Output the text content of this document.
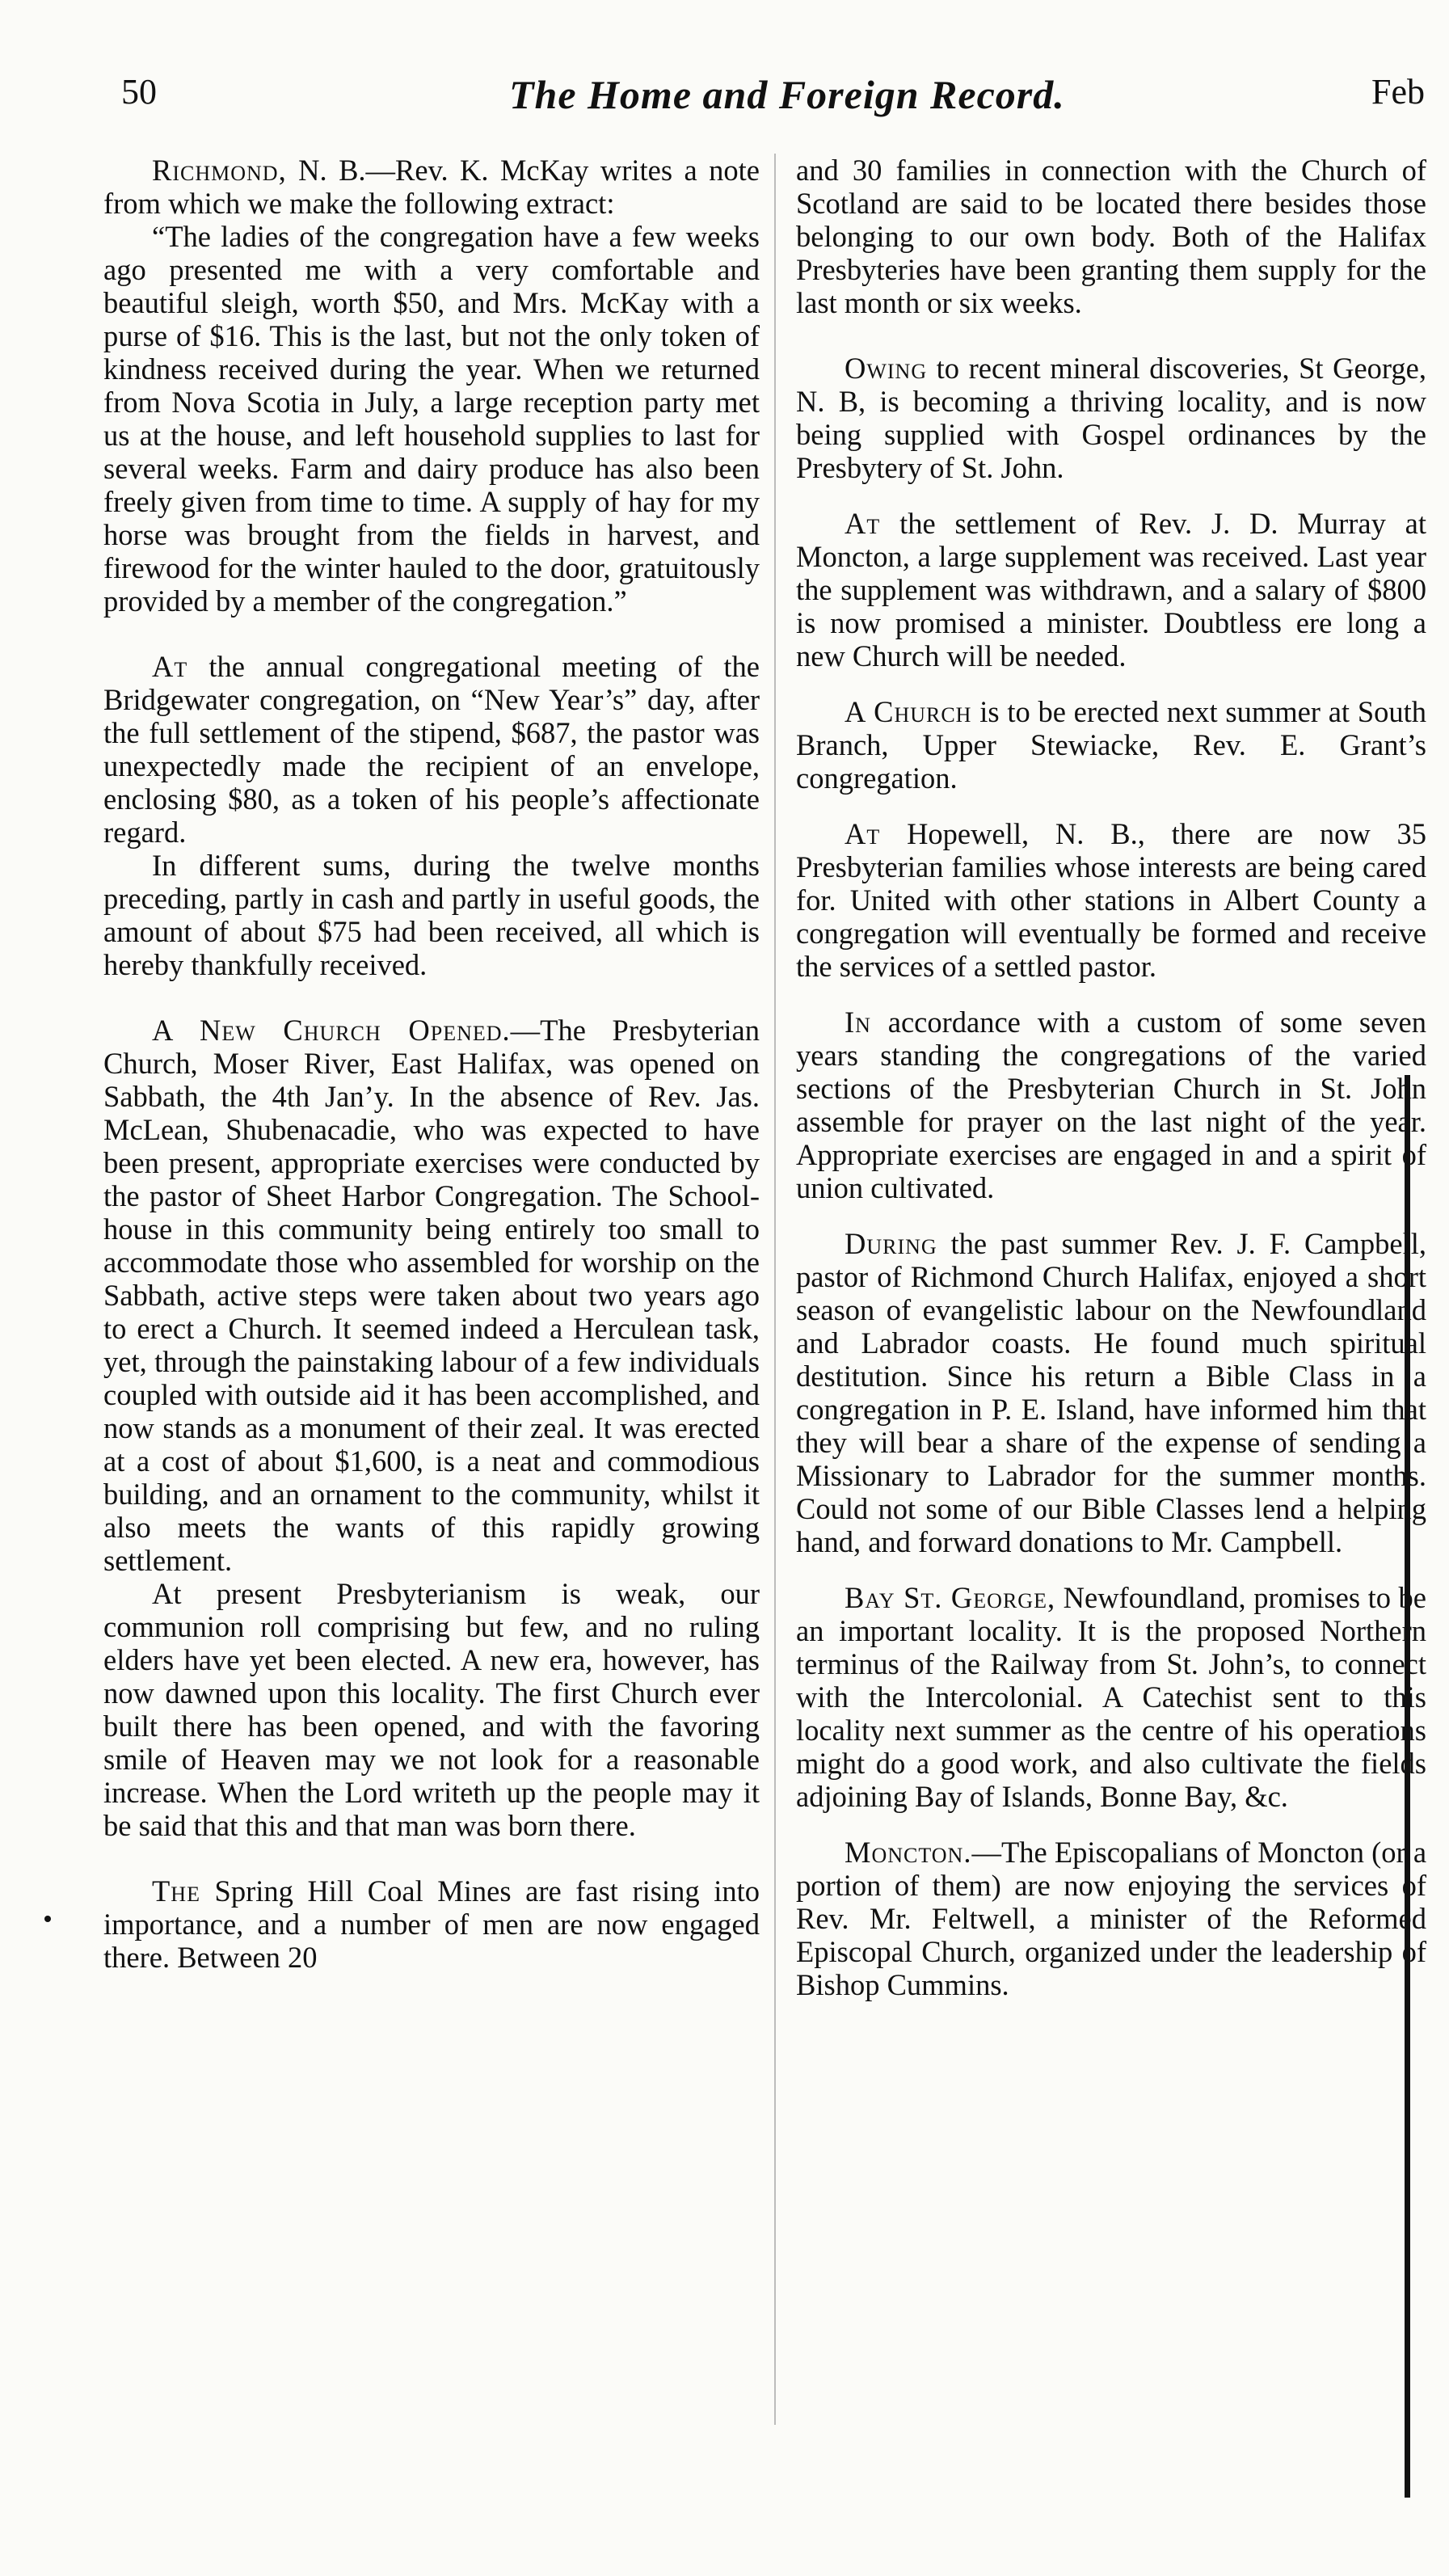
50	The Home and Foreign Record.	Feb

Richmond, N. B.—Rev. K. McKay writes a note from which we make the following extract:

“The ladies of the congregation have a few weeks ago presented me with a very comfortable and beautiful sleigh, worth $50, and Mrs. McKay with a purse of $16. This is the last, but not the only token of kindness received during the year. When we returned from Nova Scotia in July, a large reception party met us at the house, and left household supplies to last for several weeks. Farm and dairy produce has also been freely given from time to time. A supply of hay for my horse was brought from the fields in harvest, and firewood for the winter hauled to the door, gratuitously provided by a member of the congregation.”

At the annual congregational meeting of the Bridgewater congregation, on “New Year’s” day, after the full settlement of the stipend, $687, the pastor was unexpectedly made the recipient of an envelope, enclosing $80, as a token of his people’s affectionate regard.

In different sums, during the twelve months preceding, partly in cash and partly in useful goods, the amount of about $75 had been received, all which is hereby thankfully received.

A New Church Opened.—The Presbyterian Church, Moser River, East Halifax, was opened on Sabbath, the 4th Jan’y. In the absence of Rev. Jas. McLean, Shubenacadie, who was expected to have been present, appropriate exercises were conducted by the pastor of Sheet Harbor Congregation. The School-house in this community being entirely too small to accommodate those who assembled for worship on the Sabbath, active steps were taken about two years ago to erect a Church. It seemed indeed a Herculean task, yet, through the painstaking labour of a few individuals coupled with outside aid it has been accomplished, and now stands as a monument of their zeal. It was erected at a cost of about $1,600, is a neat and commodious building, and an ornament to the community, whilst it also meets the wants of this rapidly growing settlement.

At present Presbyterianism is weak, our communion roll comprising but few, and no ruling elders have yet been elected. A new era, however, has now dawned upon this locality. The first Church ever built there has been opened, and with the favoring smile of Heaven may we not look for a reasonable increase. When the Lord writeth up the people may it be said that this and that man was born there.

The Spring Hill Coal Mines are fast rising into importance, and a number of men are now engaged there. Between 20

and 30 families in connection with the Church of Scotland are said to be located there besides those belonging to our own body. Both of the Halifax Presbyteries have been granting them supply for the last month or six weeks.

Owing to recent mineral discoveries, St George, N. B, is becoming a thriving locality, and is now being supplied with Gospel ordinances by the Presbytery of St. John.

At the settlement of Rev. J. D. Murray at Moncton, a large supplement was received. Last year the supplement was withdrawn, and a salary of $800 is now promised a minister. Doubtless ere long a new Church will be needed.

A Church is to be erected next summer at South Branch, Upper Stewiacke, Rev. E. Grant’s congregation.

At Hopewell, N. B., there are now 35 Presbyterian families whose interests are being cared for. United with other stations in Albert County a congregation will eventually be formed and receive the services of a settled pastor.

In accordance with a custom of some seven years standing the congregations of the varied sections of the Presbyterian Church in St. John assemble for prayer on the last night of the year. Appropriate exercises are engaged in and a spirit of union cultivated.

During the past summer Rev. J. F. Campbell, pastor of Richmond Church Halifax, enjoyed a short season of evangelistic labour on the Newfoundland and Labrador coasts. He found much spiritual destitution. Since his return a Bible Class in a congregation in P. E. Island, have informed him that they will bear a share of the expense of sending a Missionary to Labrador for the summer months. Could not some of our Bible Classes lend a helping hand, and forward donations to Mr. Campbell.

Bay St. George, Newfoundland, promises to be an important locality. It is the proposed Northern terminus of the Railway from St. John’s, to connect with the Intercolonial. A Catechist sent to this locality next summer as the centre of his operations might do a good work, and also cultivate the fields adjoining Bay of Islands, Bonne Bay, &c.

Moncton.—The Episcopalians of Moncton (or a portion of them) are now enjoying the services of Rev. Mr. Feltwell, a minister of the Reformed Episcopal Church, organized under the leadership of Bishop Cummins.
